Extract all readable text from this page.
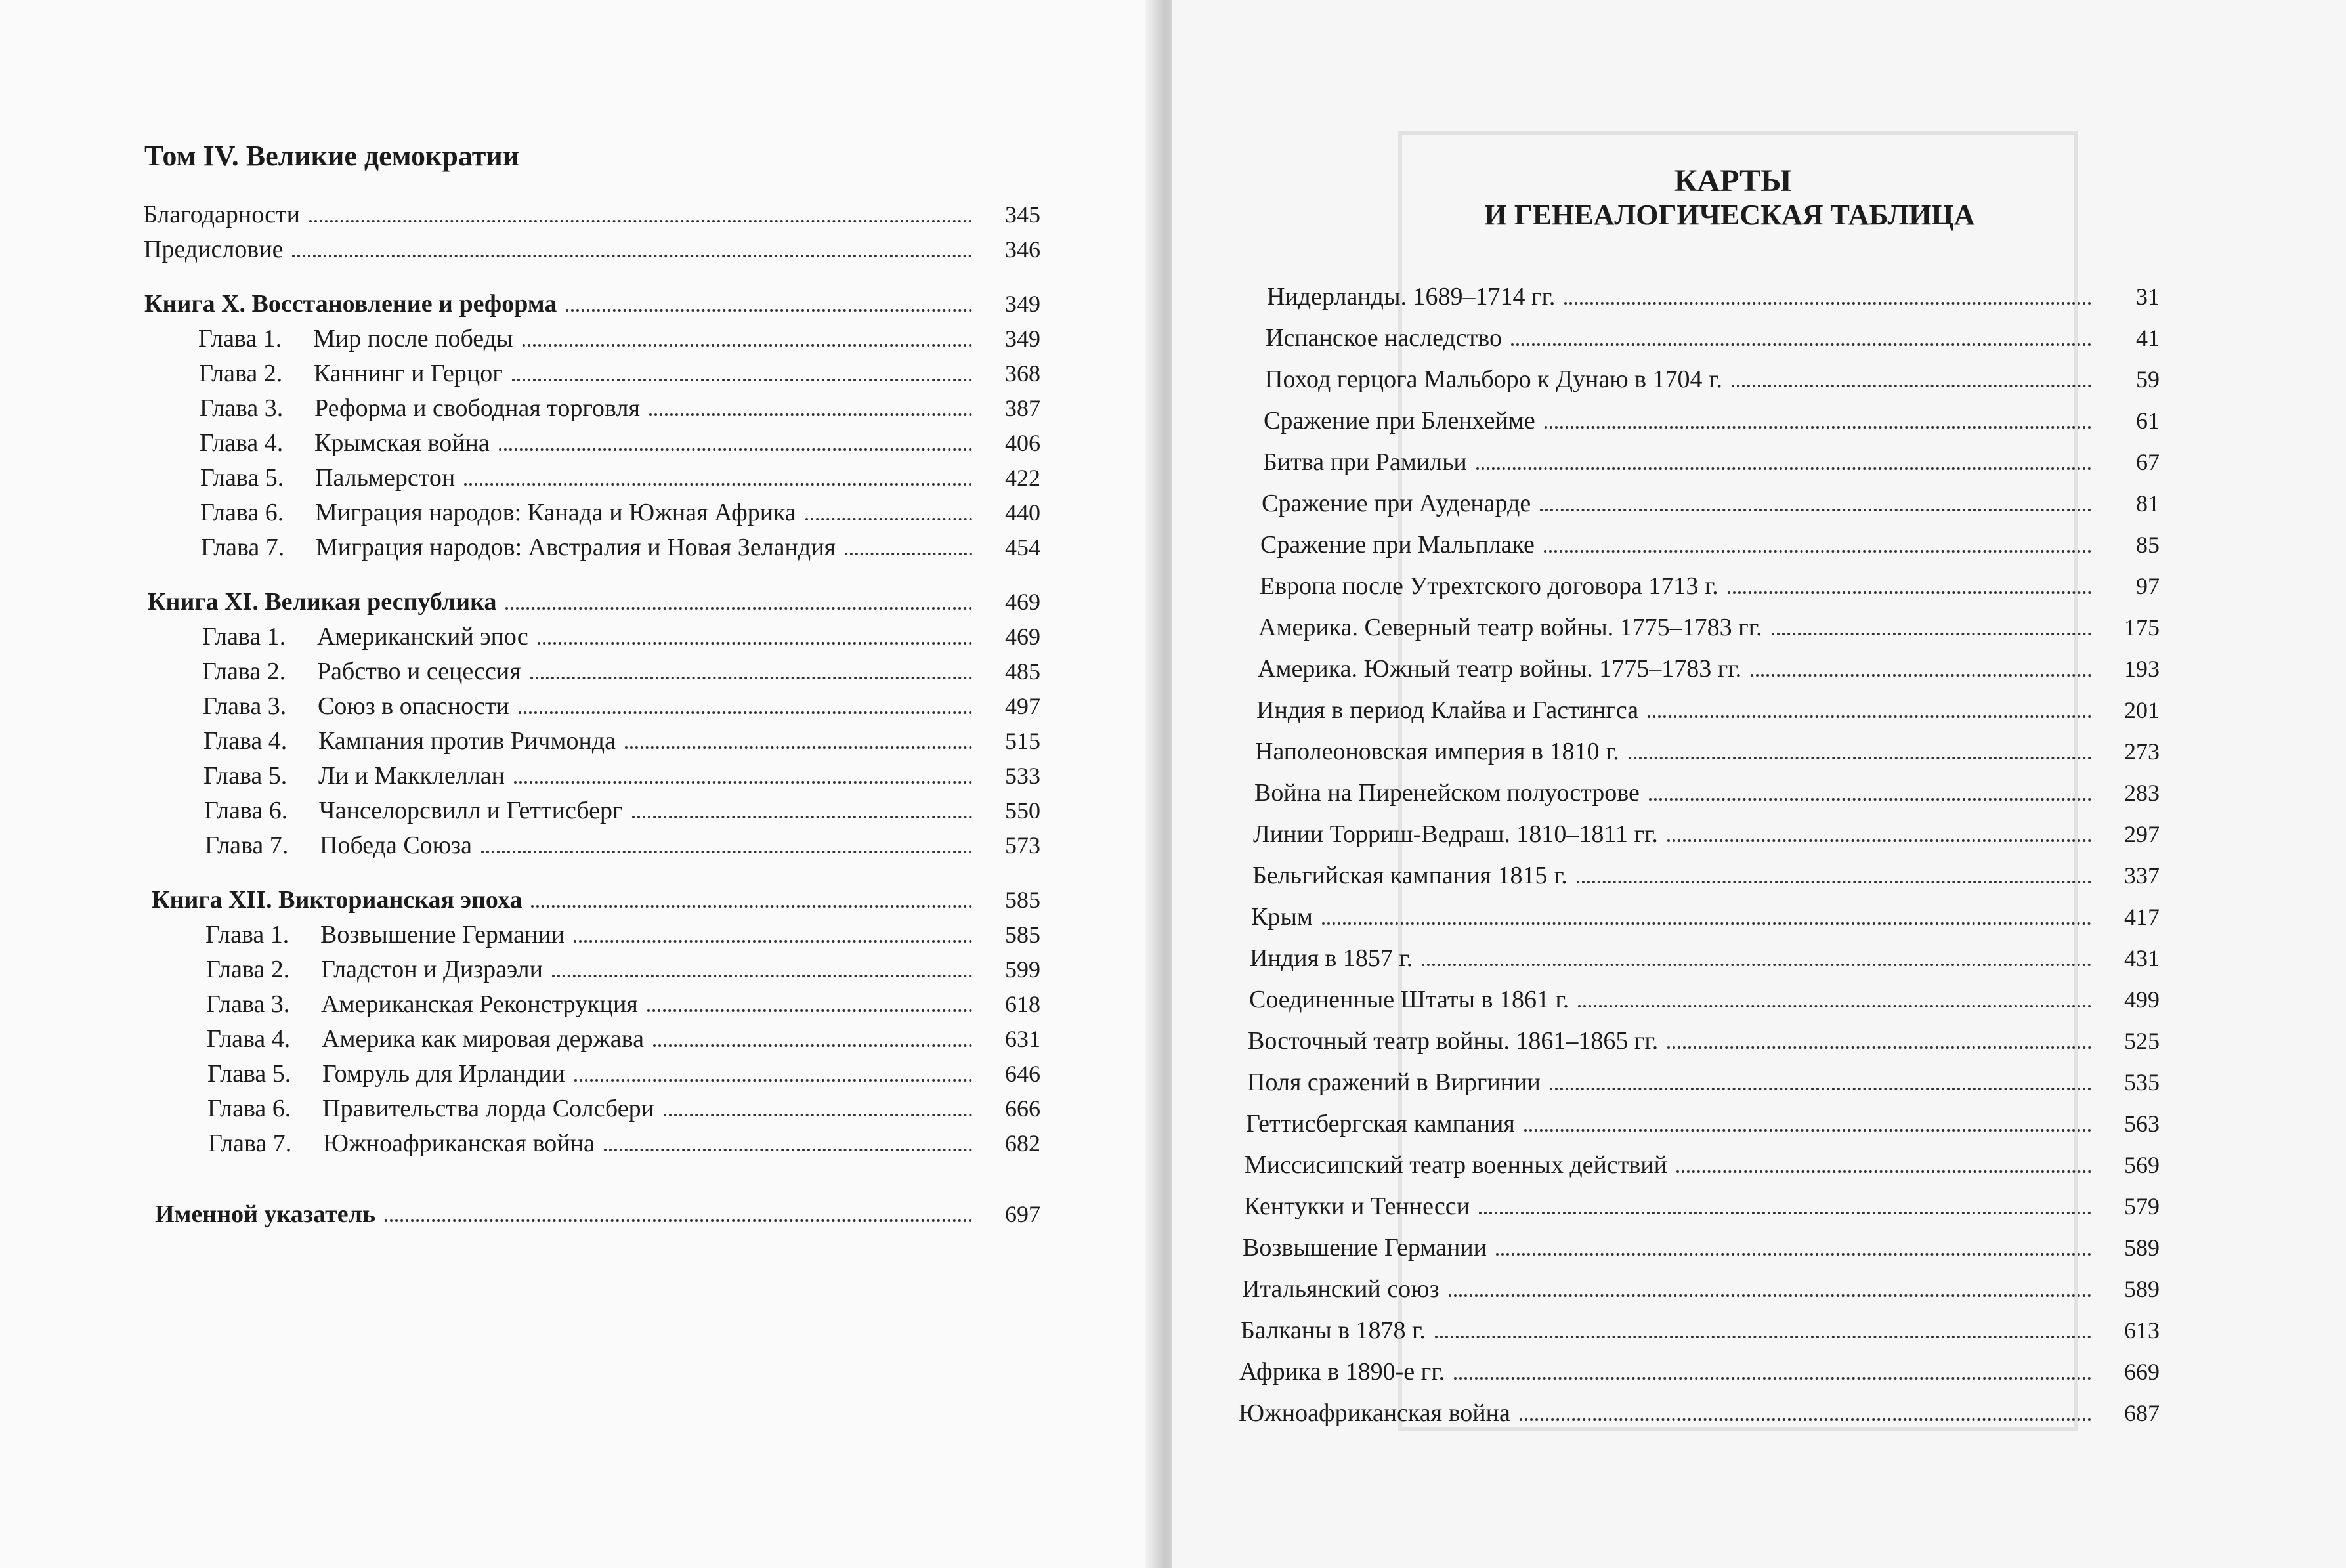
Том IV. Великие демократии
Благодарности	345
Предисловие	346
Книга X. Восстановление и реформа	349
Глава 1.	Мир после победы	349
Глава 2.	Каннинг и Герцог	368
Глава 3.	Реформа и свободная торговля	387
Глава 4.	Крымская война	406
Глава 5.	Пальмерстон	422
Глава 6.	Миграция народов: Канада и Южная Африка	440
Глава 7.	Миграция народов: Австралия и Новая Зеландия	454
Книга XI. Великая республика	469
Глава 1.	Американский эпос	469
Глава 2.	Рабство и сецессия	485
Глава 3.	Союз в опасности	497
Глава 4.	Кампания против Ричмонда	515
Глава 5.	Ли и Макклеллан	533
Глава 6.	Чанселорсвилл и Геттисберг	550
Глава 7.	Победа Союза	573
Книга XII. Викторианская эпоха	585
Глава 1.	Возвышение Германии	585
Глава 2.	Гладстон и Дизраэли	599
Глава 3.	Американская Реконструкция	618
Глава 4.	Америка как мировая держава	631
Глава 5.	Гомруль для Ирландии	646
Глава 6.	Правительства лорда Солсбери	666
Глава 7.	Южноафриканская война	682
Именной указатель	697
КАРТЫ
И ГЕНЕАЛОГИЧЕСКАЯ ТАБЛИЦА
Нидерланды. 1689–1714 гг.	31
Испанское наследство	41
Поход герцога Мальборо к Дунаю в 1704 г.	59
Сражение при Бленхейме	61
Битва при Рамильи	67
Сражение при Ауденарде	81
Сражение при Мальплаке	85
Европа после Утрехтского договора 1713 г.	97
Америка. Северный театр войны. 1775–1783 гг.	175
Америка. Южный театр войны. 1775–1783 гг.	193
Индия в период Клайва и Гастингса	201
Наполеоновская империя в 1810 г.	273
Война на Пиренейском полуострове	283
Линии Торриш-Ведраш. 1810–1811 гг.	297
Бельгийская кампания 1815 г.	337
Крым	417
Индия в 1857 г.	431
Соединенные Штаты в 1861 г.	499
Восточный театр войны. 1861–1865 гг.	525
Поля сражений в Виргинии	535
Геттисбергская кампания	563
Миссисипский театр военных действий	569
Кентукки и Теннесси	579
Возвышение Германии	589
Итальянский союз	589
Балканы в 1878 г.	613
Африка в 1890-е гг.	669
Южноафриканская война	687
